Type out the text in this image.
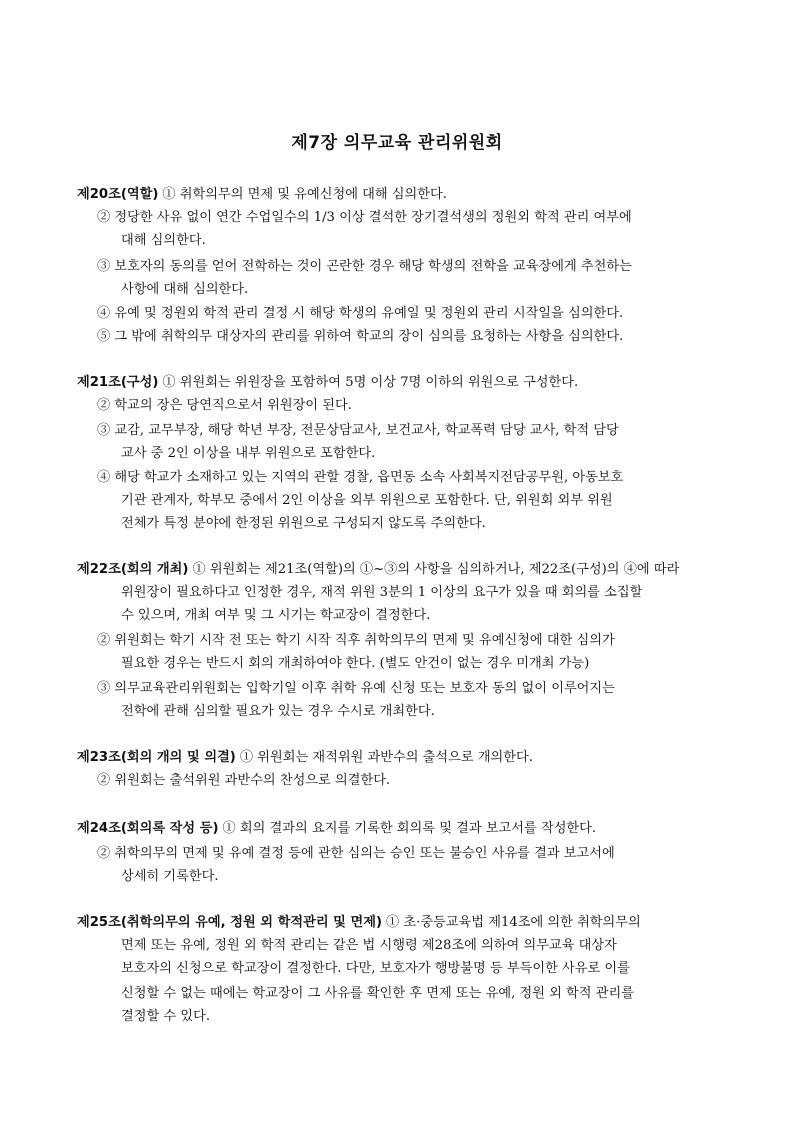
제7장 의무교육 관리위원회
제20조(역할) ① 취학의무의 면제 및 유예신청에 대해 심의한다.
② 정당한 사유 없이 연간 수업일수의 1/3 이상 결석한 장기결석생의 정원외 학적 관리 여부에
대해 심의한다.
③ 보호자의 동의를 얻어 전학하는 것이 곤란한 경우 해당 학생의 전학을 교육장에게 추천하는
사항에 대해 심의한다.
④ 유예 및 정원외 학적 관리 결정 시 해당 학생의 유예일 및 정원외 관리 시작일을 심의한다.
⑤ 그 밖에 취학의무 대상자의 관리를 위하여 학교의 장이 심의를 요청하는 사항을 심의한다.
제21조(구성) ① 위원회는 위원장을 포함하여 5명 이상 7명 이하의 위원으로 구성한다.
② 학교의 장은 당연직으로서 위원장이 된다.
③ 교감, 교무부장, 해당 학년 부장, 전문상담교사, 보건교사, 학교폭력 담당 교사, 학적 담당
교사 중 2인 이상을 내부 위원으로 포함한다.
④ 해당 학교가 소재하고 있는 지역의 관할 경찰, 읍면동 소속 사회복지전담공무원, 아동보호
기관 관계자, 학부모 중에서 2인 이상을 외부 위원으로 포함한다. 단, 위원회 외부 위원
전체가 특정 분야에 한정된 위원으로 구성되지 않도록 주의한다.
제22조(회의 개최) ① 위원회는 제21조(역할)의 ①~③의 사항을 심의하거나, 제22조(구성)의 ④에 따라
위원장이 필요하다고 인정한 경우, 재적 위원 3분의 1 이상의 요구가 있을 때 회의를 소집할
수 있으며, 개최 여부 및 그 시기는 학교장이 결정한다.
② 위원회는 학기 시작 전 또는 학기 시작 직후 취학의무의 면제 및 유예신청에 대한 심의가
필요한 경우는 반드시 회의 개최하여야 한다. (별도 안건이 없는 경우 미개최 가능)
③ 의무교육관리위원회는 입학기일 이후 취학 유예 신청 또는 보호자 동의 없이 이루어지는
전학에 관해 심의할 필요가 있는 경우 수시로 개최한다.
제23조(회의 개의 및 의결) ① 위원회는 재적위원 과반수의 출석으로 개의한다.
② 위원회는 출석위원 과반수의 찬성으로 의결한다.
제24조(회의록 작성 등) ① 회의 결과의 요지를 기록한 회의록 및 결과 보고서를 작성한다.
② 취학의무의 면제 및 유예 결정 등에 관한 심의는 승인 또는 불승인 사유를 결과 보고서에
상세히 기록한다.
제25조(취학의무의 유예, 정원 외 학적관리 및 면제) ① 초·중등교육법 제14조에 의한 취학의무의
면제 또는 유예, 정원 외 학적 관리는 같은 법 시행령 제28조에 의하여 의무교육 대상자
보호자의 신청으로 학교장이 결정한다. 다만, 보호자가 행방불명 등 부득이한 사유로 이를
신청할 수 없는 때에는 학교장이 그 사유를 확인한 후 면제 또는 유예, 정원 외 학적 관리를
결정할 수 있다.
